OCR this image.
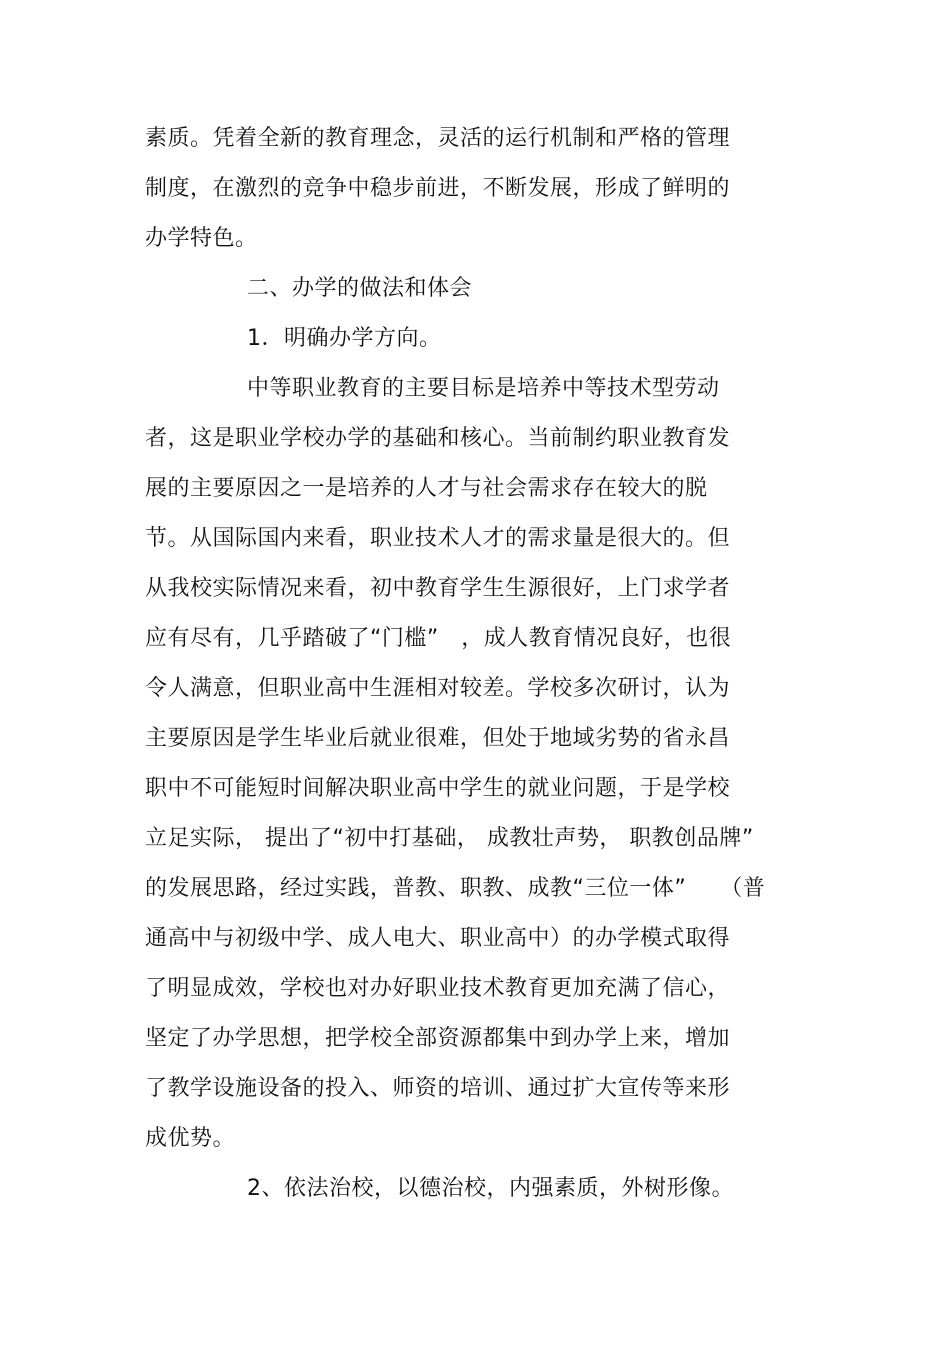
素质。凭着全新的教育理念，灵活的运行机制和严格的管理
制度，在激烈的竞争中稳步前进，不断发展，形成了鲜明的
办学特色。
二、办学的做法和体会
1．明确办学方向。
中等职业教育的主要目标是培养中等技术型劳动
者，这是职业学校办学的基础和核心。当前制约职业教育发
展的主要原因之一是培养的人才与社会需求存在较大的脱
节。从国际国内来看，职业技术人才的需求量是很大的。但
从我校实际情况来看，初中教育学生生源很好，上门求学者
应有尽有，几乎踏破了“门槛”　，成人教育情况良好，也很
令人满意，但职业高中生涯相对较差。学校多次研讨，认为
主要原因是学生毕业后就业很难，但处于地域劣势的省永昌
职中不可能短时间解决职业高中学生的就业问题，于是学校
立足实际， 提出了“初中打基础， 成教壮声势， 职教创品牌”
的发展思路，经过实践，普教、职教、成教“三位一体”　　（普
通高中与初级中学、成人电大、职业高中）的办学模式取得
了明显成效，学校也对办好职业技术教育更加充满了信心，
坚定了办学思想，把学校全部资源都集中到办学上来，增加
了教学设施设备的投入、师资的培训、通过扩大宣传等来形
成优势。
2、依法治校，以德治校，内强素质，外树形像。
